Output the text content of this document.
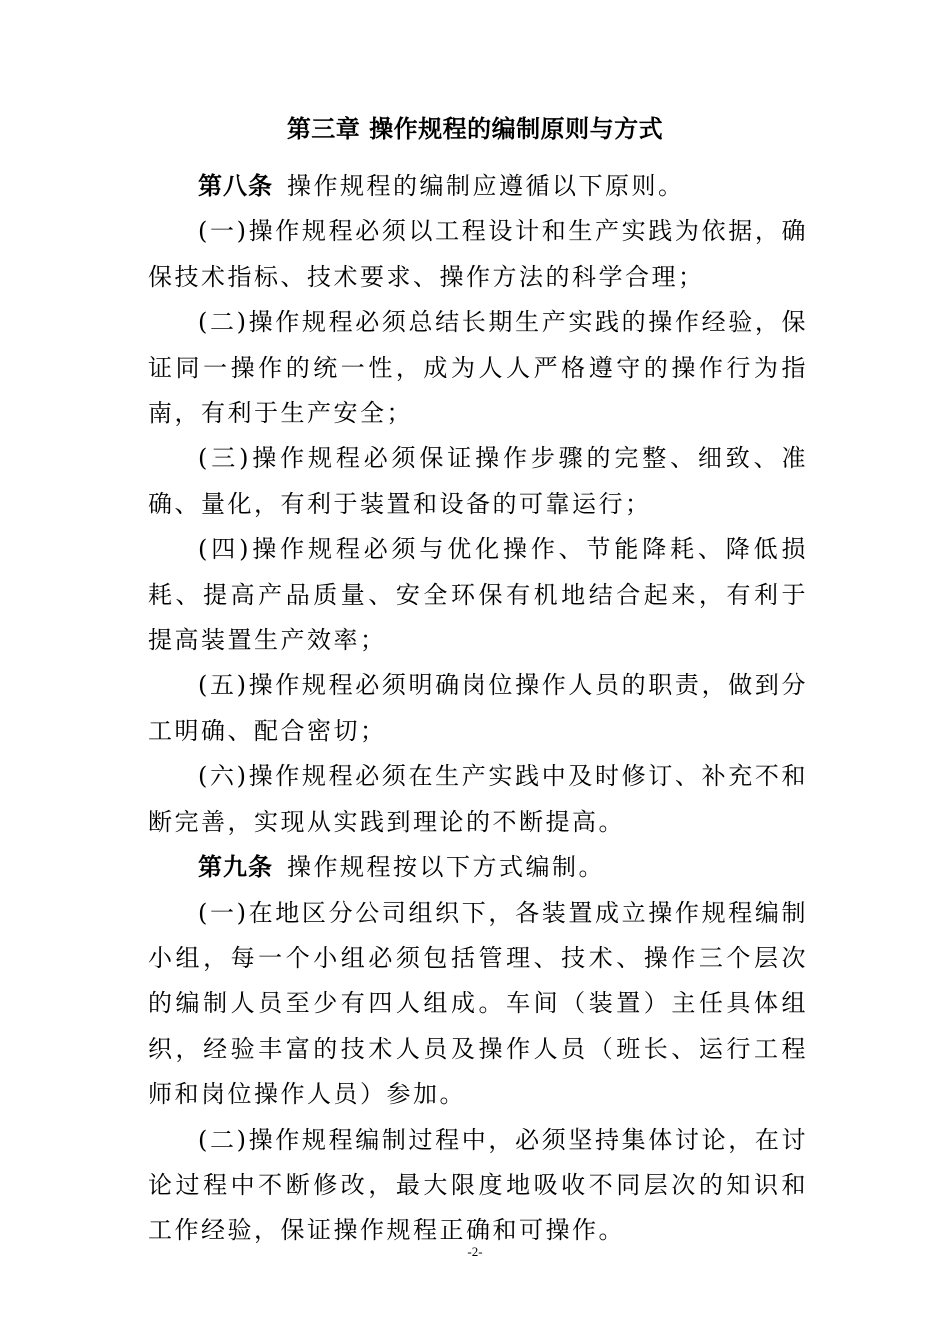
第三章 操作规程的编制原则与方式

第八条 操作规程的编制应遵循以下原则。

(一)操作规程必须以工程设计和生产实践为依据，确保技术指标、技术要求、操作方法的科学合理；

(二)操作规程必须总结长期生产实践的操作经验，保证同一操作的统一性，成为人人严格遵守的操作行为指南，有利于生产安全；

(三)操作规程必须保证操作步骤的完整、细致、准确、量化，有利于装置和设备的可靠运行；

(四)操作规程必须与优化操作、节能降耗、降低损耗、提高产品质量、安全环保有机地结合起来，有利于提高装置生产效率；

(五)操作规程必须明确岗位操作人员的职责，做到分工明确、配合密切；

(六)操作规程必须在生产实践中及时修订、补充不和断完善，实现从实践到理论的不断提高。

第九条 操作规程按以下方式编制。

(一)在地区分公司组织下，各装置成立操作规程编制小组，每一个小组必须包括管理、技术、操作三个层次的编制人员至少有四人组成。车间（装置）主任具体组织，经验丰富的技术人员及操作人员（班长、运行工程师和岗位操作人员）参加。

(二)操作规程编制过程中，必须坚持集体讨论，在讨论过程中不断修改，最大限度地吸收不同层次的知识和工作经验，保证操作规程正确和可操作。

-2-
